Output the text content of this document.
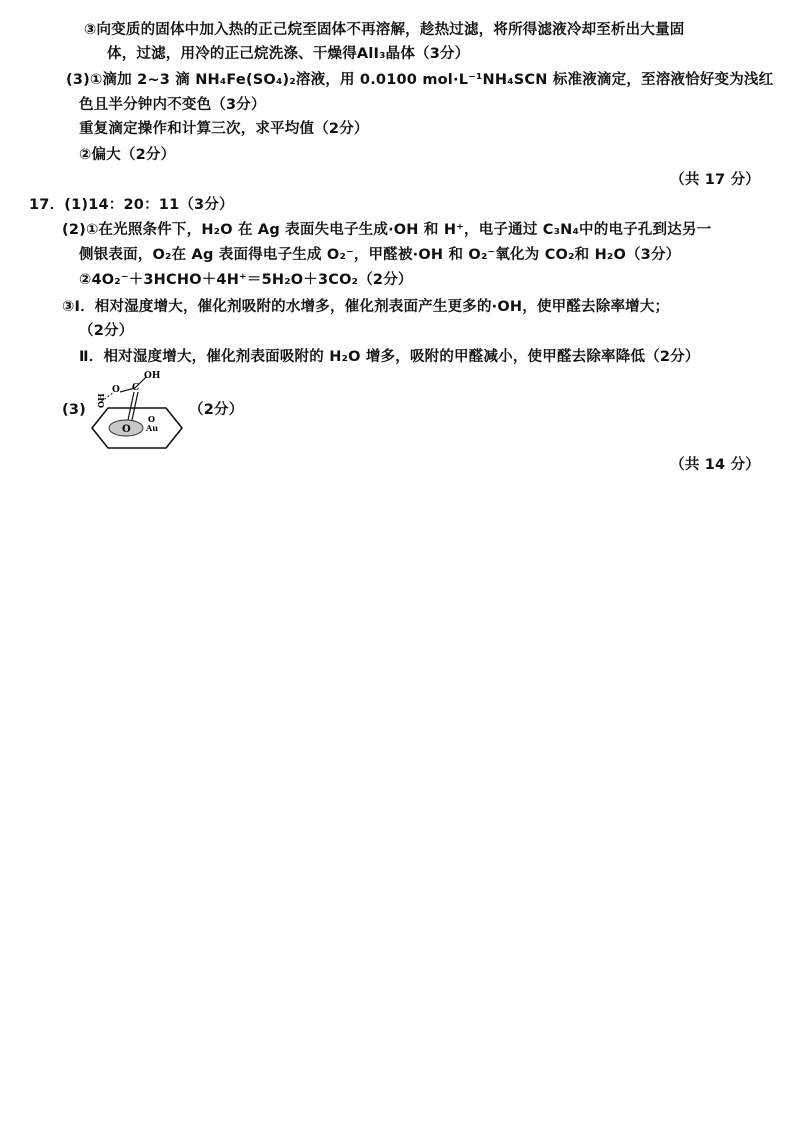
③向变质的固体中加入热的正己烷至固体不再溶解，趁热过滤，将所得滤液冷却至析出大量固
体，过滤，用冷的正己烷洗涤、干燥得AlI₃晶体（3分）
(3)①滴加 2~3 滴 NH₄Fe(SO₄)₂溶液，用 0.0100 mol·L⁻¹NH₄SCN 标准液滴定，至溶液恰好变为浅红
色且半分钟内不变色（3分）
重复滴定操作和计算三次，求平均值（2分）
②偏大（2分）
（共 17 分）
17．(1)14：20：11（3分）
(2)①在光照条件下，H₂O 在 Ag 表面失电子生成·OH 和 H⁺，电子通过 C₃N₄中的电子孔到达另一
侧银表面，O₂在 Ag 表面得电子生成 O₂⁻，甲醛被·OH 和 O₂⁻氧化为 CO₂和 H₂O（3分）
②4O₂⁻＋3HCHO＋4H⁺＝5H₂O＋3CO₂（2分）
③Ⅰ．相对湿度增大，催化剂吸附的水增多，催化剂表面产生更多的·OH，使甲醛去除率增大；
（2分）
Ⅱ．相对湿度增大，催化剂表面吸附的 H₂O 增多，吸附的甲醛减小，使甲醛去除率降低（2分）
(3)
OH
C
O
OH
O
O
Au
（2分）
（共 14 分）
